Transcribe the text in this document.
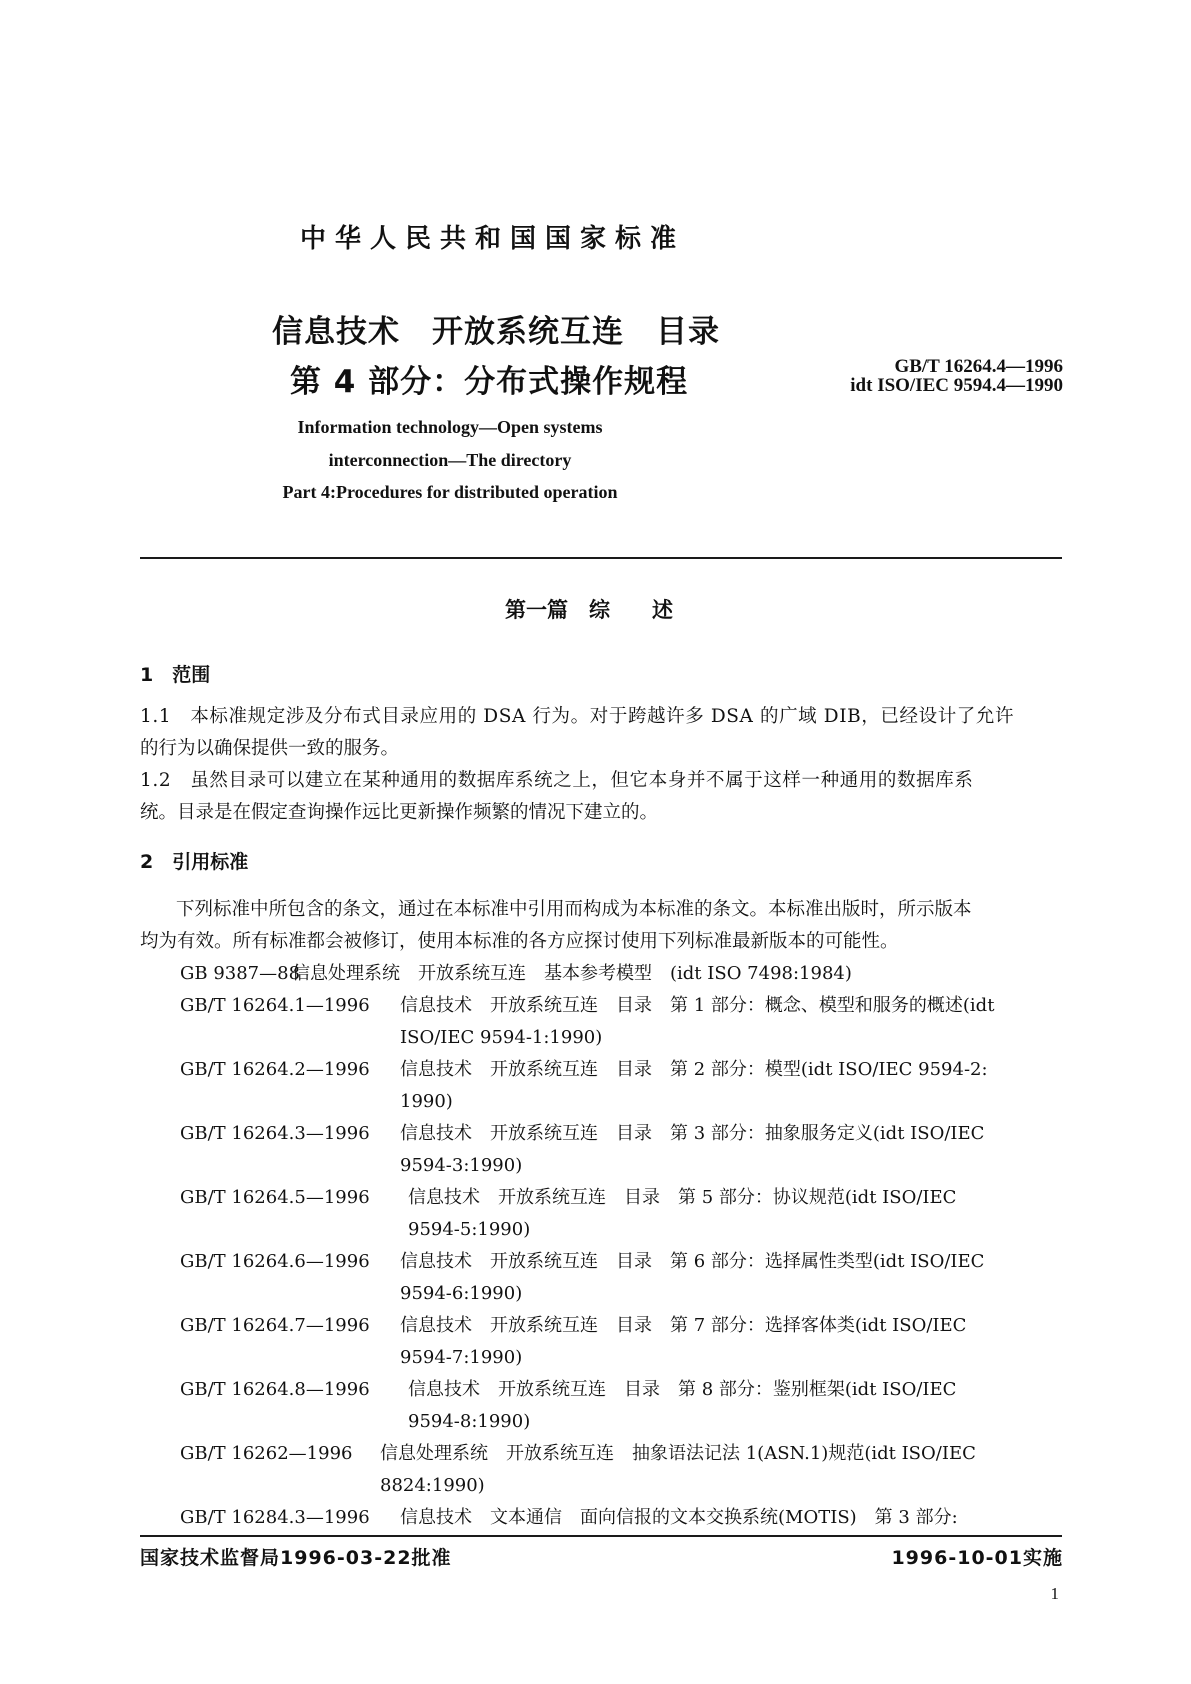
中华人民共和国国家标准
信息技术　开放系统互连　目录
第 4 部分：分布式操作规程	GB/T 16264.4—1996
idt ISO/IEC 9594.4—1990
Information technology—Open systems
interconnection—The directory
Part 4:Procedures for distributed operation
第一篇　综　　述
1　范围
1.1　本标准规定涉及分布式目录应用的 DSA 行为。对于跨越许多 DSA 的广域 DIB，已经设计了允许
的行为以确保提供一致的服务。
1.2　虽然目录可以建立在某种通用的数据库系统之上，但它本身并不属于这样一种通用的数据库系
统。目录是在假定查询操作远比更新操作频繁的情况下建立的。
2　引用标准
下列标准中所包含的条文，通过在本标准中引用而构成为本标准的条文。本标准出版时，所示版本
均为有效。所有标准都会被修订，使用本标准的各方应探讨使用下列标准最新版本的可能性。
GB 9387—88
信息处理系统　开放系统互连　基本参考模型　(idt ISO 7498:1984)
GB/T 16264.1—1996 信息技术　开放系统互连　目录　第 1 部分：概念、模型和服务的概述(idt
ISO/IEC 9594-1:1990)
GB/T 16264.2—1996 信息技术　开放系统互连　目录　第 2 部分：模型(idt ISO/IEC 9594-2:
1990)
GB/T 16264.3—1996 信息技术　开放系统互连　目录　第 3 部分：抽象服务定义(idt ISO/IEC
9594-3:1990)
GB/T 16264.5—1996 信息技术　开放系统互连　目录　第 5 部分：协议规范(idt ISO/IEC
9594-5:1990)
GB/T 16264.6—1996 信息技术　开放系统互连　目录　第 6 部分：选择属性类型(idt ISO/IEC
9594-6:1990)
GB/T 16264.7—1996 信息技术　开放系统互连　目录　第 7 部分：选择客体类(idt ISO/IEC
9594-7:1990)
GB/T 16264.8—1996 信息技术　开放系统互连　目录　第 8 部分：鉴别框架(idt ISO/IEC
9594-8:1990)
GB/T 16262—1996 信息处理系统　开放系统互连　抽象语法记法 1(ASN.1)规范(idt ISO/IEC
8824:1990)
GB/T 16284.3—1996 信息技术　文本通信　面向信报的文本交换系统(MOTIS)　第 3 部分:
国家技术监督局1996-03-22批准	1996-10-01实施
1
